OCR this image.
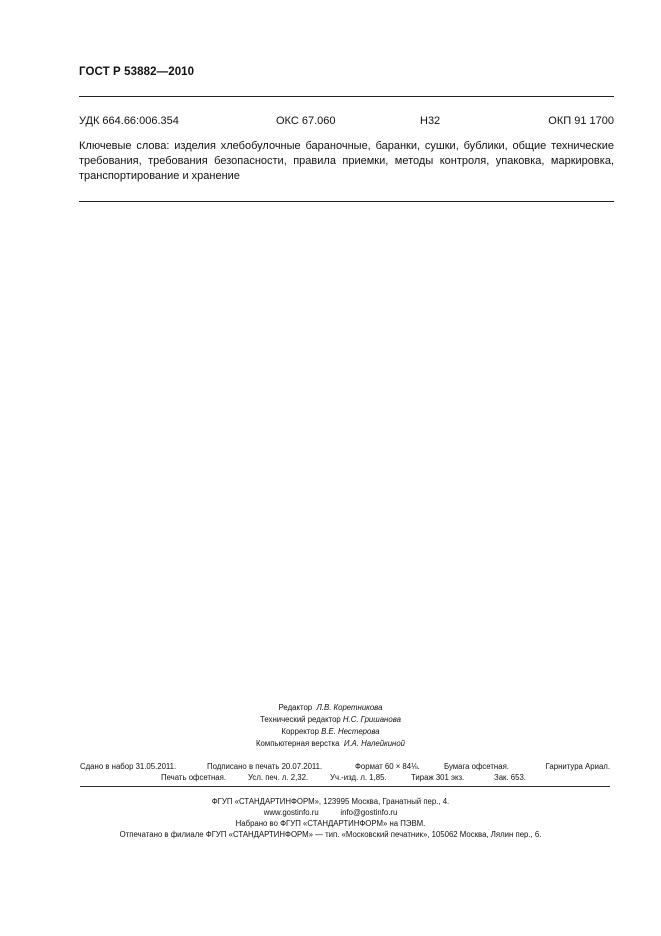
ГОСТ Р 53882—2010
УДК 664.66:006.354	ОКС 67.060	Н32	ОКП 91 1700
Ключевые слова: изделия хлебобулочные бараночные, баранки, сушки, бублики, общие технические требования, требования безопасности, правила приемки, методы контроля, упаковка, маркировка, транспортирование и хранение
Редактор Л.В. Коретникова
Технический редактор Н.С. Гришанова
Корректор В.Е. Нестерова
Компьютерная верстка И.А. Налейкиной
Сдано в набор 31.05.2011.	Подписано в печать 20.07.2011.	Формат 60 × 84⅛.	Бумага офсетная.	Гарнитура Ариал.
Печать офсетная.	Усл. печ. л. 2,32.	Уч.-изд. л. 1,85.	Тираж 301 экз.	Зак. 653.
ФГУП «СТАНДАРТИНФОРМ», 123995 Москва, Гранатный пер., 4.
www.gostinfo.ru	info@gostinfo.ru
Набрано во ФГУП «СТАНДАРТИНФОРМ» на ПЭВМ.
Отпечатано в филиале ФГУП «СТАНДАРТИНФОРМ» — тип. «Московский печатник», 105062 Москва, Лялин пер., 6.
